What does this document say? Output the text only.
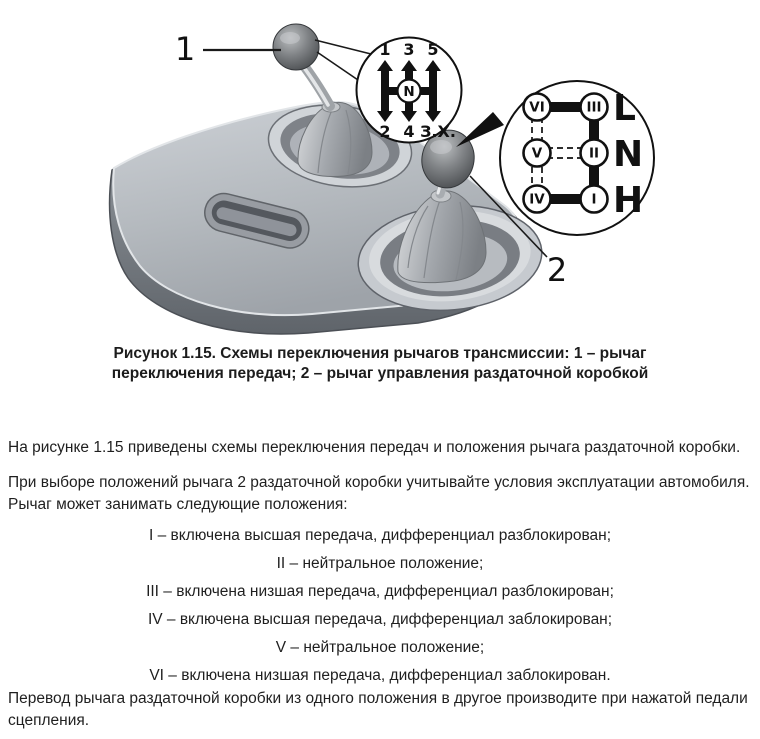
1
N
1 3 5
2 4 З.Х.
VI	III
V	II
IV	I
L
N
H
2
Рисунок 1.15. Схемы переключения рычагов трансмиссии: 1 – рычаг переключения передач; 2 – рычаг управления раздаточной коробкой

На рисунке 1.15 приведены схемы переключения передач и положения рычага раздаточной коробки.

При выборе положений рычага 2 раздаточной коробки учитывайте условия эксплуатации автомобиля. Рычаг может занимать следующие положения:

I – включена высшая передача, дифференциал разблокирован;

II – нейтральное положение;

III – включена низшая передача, дифференциал разблокирован;

IV – включена высшая передача, дифференциал заблокирован;

V – нейтральное положение;

VI – включена низшая передача, дифференциал заблокирован.

Перевод рычага раздаточной коробки из одного положения в другое производите при нажатой педали сцепления.
